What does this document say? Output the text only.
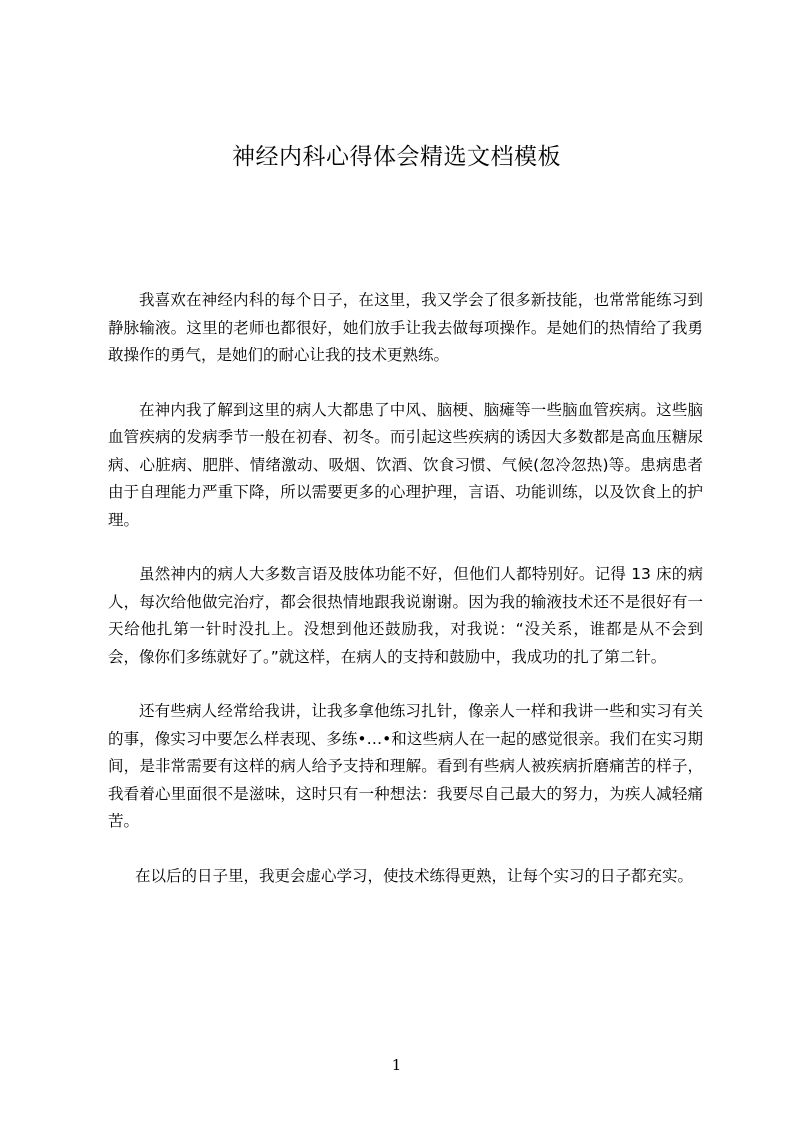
神经内科心得体会精选文档模板

我喜欢在神经内科的每个日子，在这里，我又学会了很多新技能，也常常能练习到静脉输液。这里的老师也都很好，她们放手让我去做每项操作。是她们的热情给了我勇敢操作的勇气，是她们的耐心让我的技术更熟练。

在神内我了解到这里的病人大都患了中风、脑梗、脑瘫等一些脑血管疾病。这些脑血管疾病的发病季节一般在初春、初冬。而引起这些疾病的诱因大多数都是高血压糖尿病、心脏病、肥胖、情绪激动、吸烟、饮酒、饮食习惯、气候(忽冷忽热)等。患病患者由于自理能力严重下降，所以需要更多的心理护理，言语、功能训练，以及饮食上的护理。

虽然神内的病人大多数言语及肢体功能不好，但他们人都特别好。记得 13 床的病人，每次给他做完治疗，都会很热情地跟我说谢谢。因为我的输液技术还不是很好有一天给他扎第一针时没扎上。没想到他还鼓励我，对我说：“没关系，谁都是从不会到会，像你们多练就好了。”就这样，在病人的支持和鼓励中，我成功的扎了第二针。

还有些病人经常给我讲，让我多拿他练习扎针，像亲人一样和我讲一些和实习有关的事，像实习中要怎么样表现、多练•…•和这些病人在一起的感觉很亲。我们在实习期间，是非常需要有这样的病人给予支持和理解。看到有些病人被疾病折磨痛苦的样子，我看着心里面很不是滋味，这时只有一种想法：我要尽自己最大的努力，为疾人减轻痛苦。

在以后的日子里，我更会虚心学习，使技术练得更熟，让每个实习的日子都充实。

1
